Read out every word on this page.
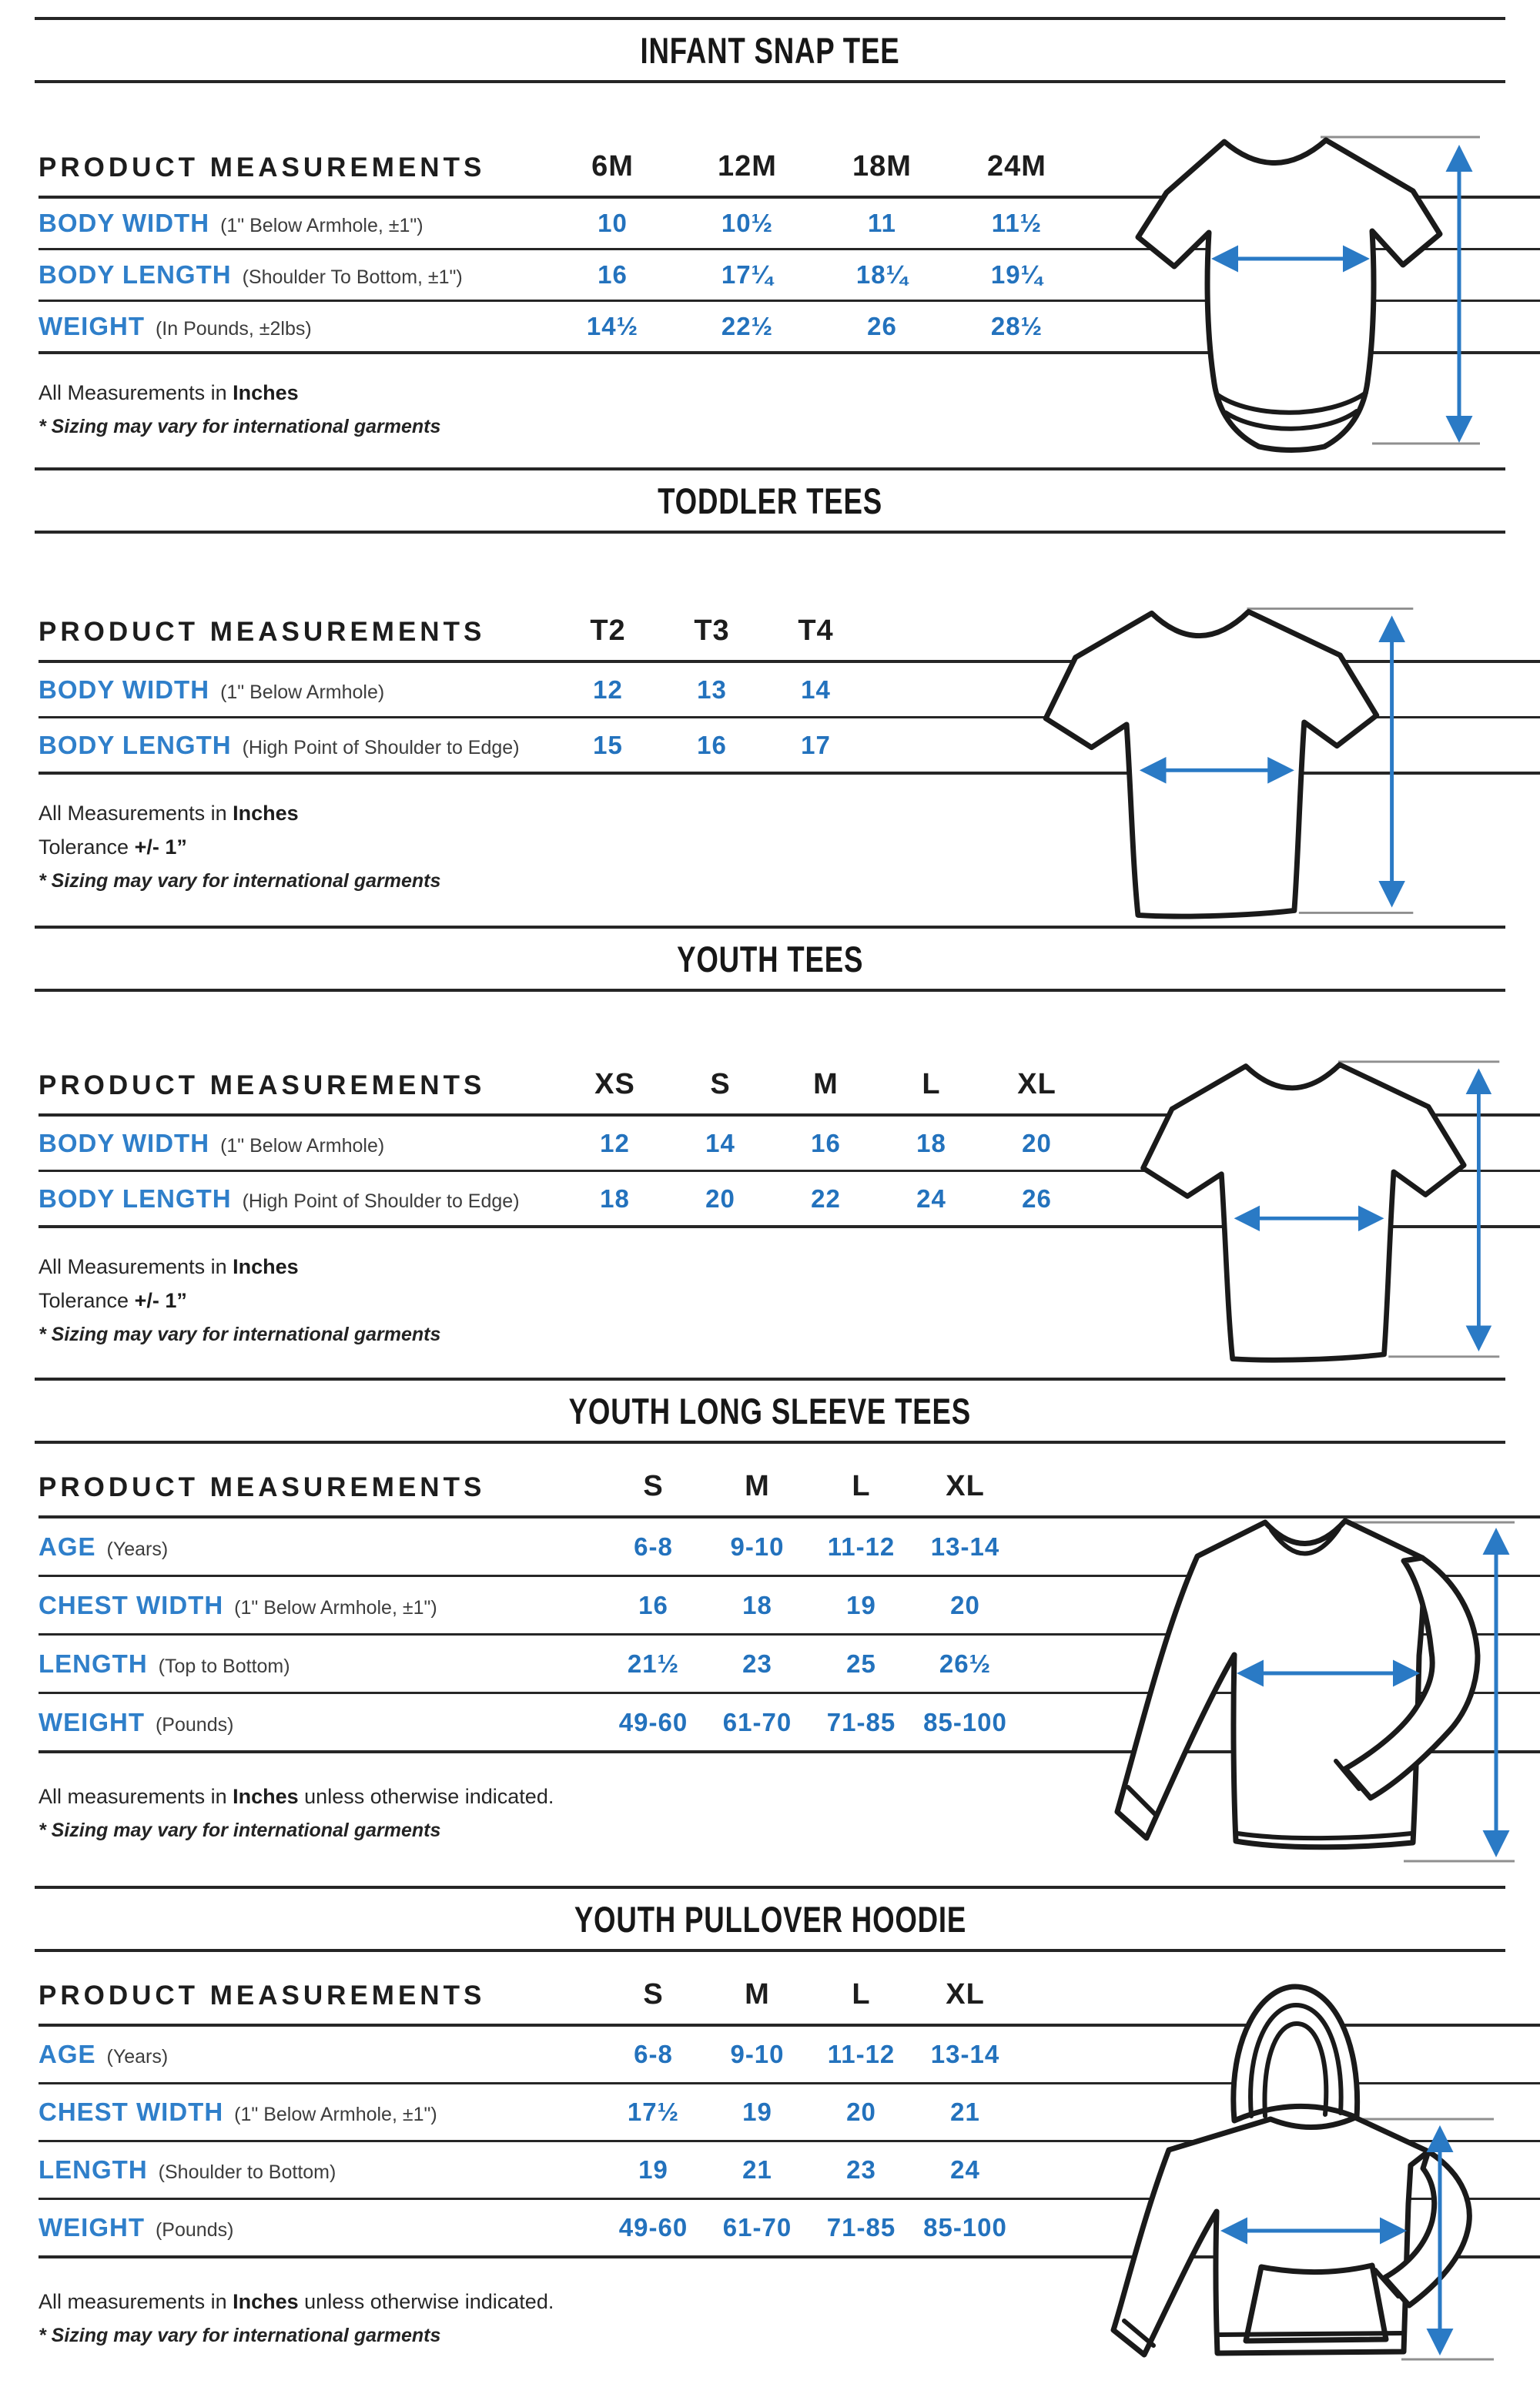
INFANT SNAP TEE
PRODUCT MEASUREMENTS	6M	12M	18M	24M
BODY WIDTH (1" Below Armhole, ±1")	10	10½	11	11½
BODY LENGTH (Shoulder To Bottom, ±1")	16	17¼	18¼	19¼
WEIGHT (In Pounds, ±2lbs)	14½	22½	26	28½
All Measurements in Inches
* Sizing may vary for international garments
TODDLER TEES
PRODUCT MEASUREMENTS	T2	T3	T4
BODY WIDTH (1" Below Armhole)	12	13	14
BODY LENGTH (High Point of Shoulder to Edge)	15	16	17
All Measurements in Inches
Tolerance +/- 1”
* Sizing may vary for international garments
YOUTH TEES
PRODUCT MEASUREMENTS	XS	S	M	L	XL
BODY WIDTH (1" Below Armhole)	12	14	16	18	20
BODY LENGTH (High Point of Shoulder to Edge)	18	20	22	24	26
All Measurements in Inches
Tolerance +/- 1”
* Sizing may vary for international garments
YOUTH LONG SLEEVE TEES
PRODUCT MEASUREMENTS	S	M	L	XL
AGE (Years)	6-8	9-10	11-12	13-14
CHEST WIDTH (1" Below Armhole, ±1")	16	18	19	20
LENGTH (Top to Bottom)	21½	23	25	26½
WEIGHT (Pounds)	49-60	61-70	71-85	85-100
All measurements in Inches unless otherwise indicated.
* Sizing may vary for international garments
YOUTH PULLOVER HOODIE
PRODUCT MEASUREMENTS	S	M	L	XL
AGE (Years)	6-8	9-10	11-12	13-14
CHEST WIDTH (1" Below Armhole, ±1")	17½	19	20	21
LENGTH (Shoulder to Bottom)	19	21	23	24
WEIGHT (Pounds)	49-60	61-70	71-85	85-100
All measurements in Inches unless otherwise indicated.
* Sizing may vary for international garments
